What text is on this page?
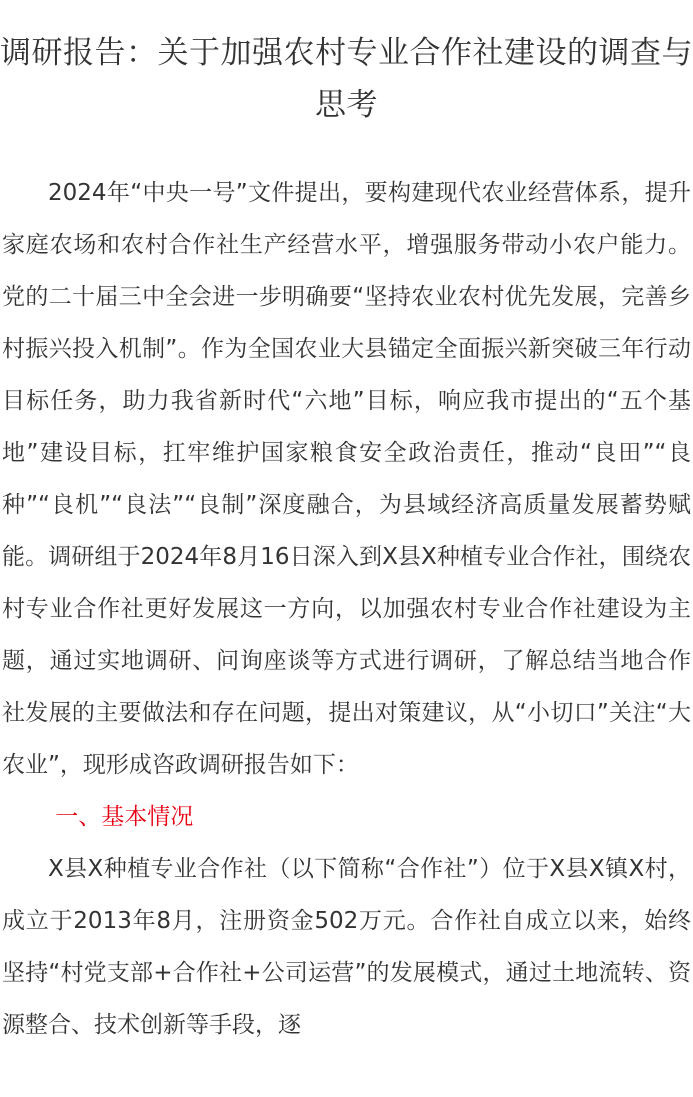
调研报告：关于加强农村专业合作社建设的调查与思考

2024年“中央一号”文件提出，要构建现代农业经营体系，提升家庭农场和农村合作社生产经营水平，增强服务带动小农户能力。党的二十届三中全会进一步明确要“坚持农业农村优先发展，完善乡村振兴投入机制”。作为全国农业大县锚定全面振兴新突破三年行动目标任务，助力我省新时代“六地”目标，响应我市提出的“五个基地”建设目标，扛牢维护国家粮食安全政治责任，推动“良田”“良种”“良机”“良法”“良制”深度融合，为县域经济高质量发展蓄势赋能。调研组于2024年8月16日深入到X县X种植专业合作社，围绕农村专业合作社更好发展这一方向，以加强农村专业合作社建设为主题，通过实地调研、问询座谈等方式进行调研，了解总结当地合作社发展的主要做法和存在问题，提出对策建议，从“小切口”关注“大农业”，现形成咨政调研报告如下：

一、基本情况

X县X种植专业合作社（以下简称“合作社”）位于X县X镇X村，成立于2013年8月，注册资金502万元。合作社自成立以来，始终坚持“村党支部+合作社+公司运营”的发展模式，通过土地流转、资源整合、技术创新等手段，逐
